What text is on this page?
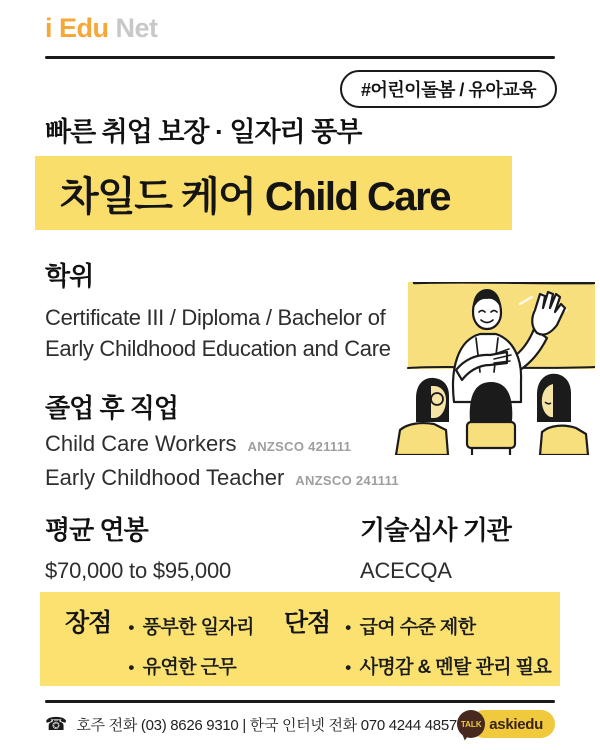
i Edu Net
#어린이돌봄 / 유아교육
빠른 취업 보장 · 일자리 풍부
차일드 케어 Child Care
학위
Certificate III / Diploma / Bachelor of
Early Childhood Education and Care
졸업 후 직업
Child Care Workers ANZSCO 421111
Early Childhood Teacher ANZSCO 241111
평균 연봉
$70,000 to $95,000
기술심사 기관
ACECQA
장점	• 풍부한 일자리
• 유연한 근무
단점	• 급여 수준 제한
• 사명감 & 멘탈 관리 필요
☎ 호주 전화 (03) 8626 9310 | 한국 인터넷 전화 070 4244 4857 TALK askiedu
